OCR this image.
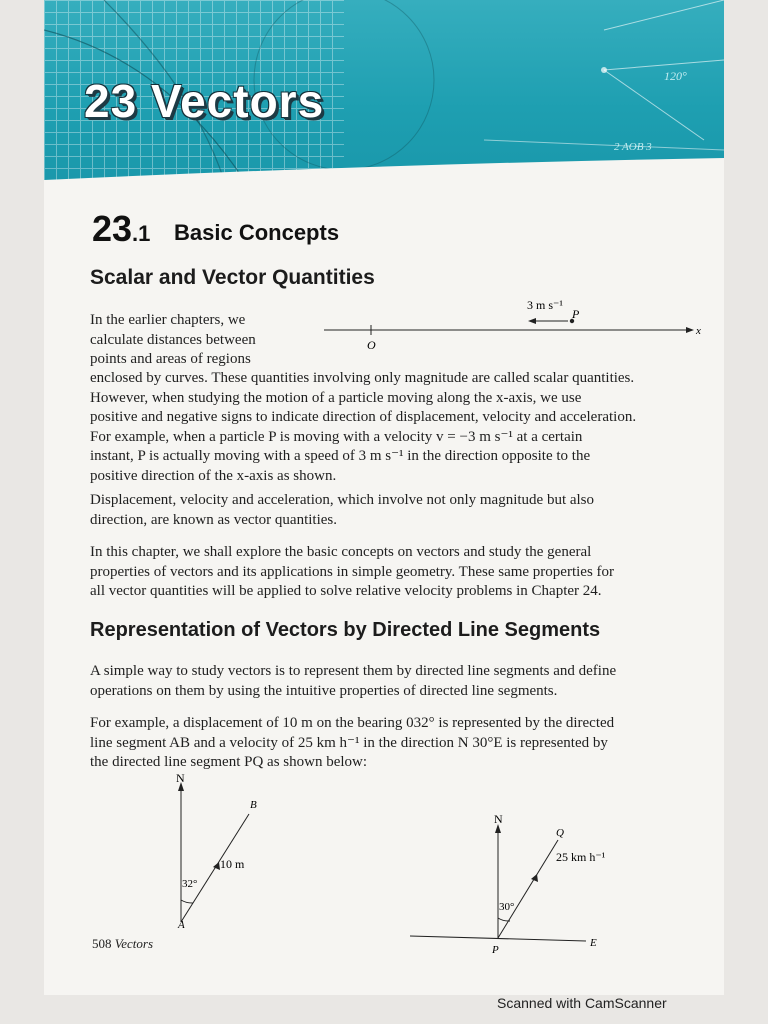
120°
2 AOB 3
23 Vectors
23.1 Basic Concepts
Scalar and Vector Quantities
In the earlier chapters, we
calculate distances between
points and areas of regions
3 m s⁻¹
P
O
x
enclosed by curves. These quantities involving only magnitude are called scalar quantities.
However, when studying the motion of a particle moving along the x-axis, we use
positive and negative signs to indicate direction of displacement, velocity and acceleration.
For example, when a particle P is moving with a velocity v = −3 m s⁻¹ at a certain
instant, P is actually moving with a speed of 3 m s⁻¹ in the direction opposite to the
positive direction of the x-axis as shown.
Displacement, velocity and acceleration, which involve not only magnitude but also
direction, are known as vector quantities.
In this chapter, we shall explore the basic concepts on vectors and study the general
properties of vectors and its applications in simple geometry. These same properties for
all vector quantities will be applied to solve relative velocity problems in Chapter 24.
Representation of Vectors by Directed Line Segments
A simple way to study vectors is to represent them by directed line segments and define
operations on them by using the intuitive properties of directed line segments.
For example, a displacement of 10 m on the bearing 032° is represented by the directed
line segment AB and a velocity of 25 km h⁻¹ in the direction N 30°E is represented by
the directed line segment PQ as shown below:
N
B
A
10 m
32°
N
Q
P
E
25 km h⁻¹
30°
508 Vectors
Scanned with CamScanner
